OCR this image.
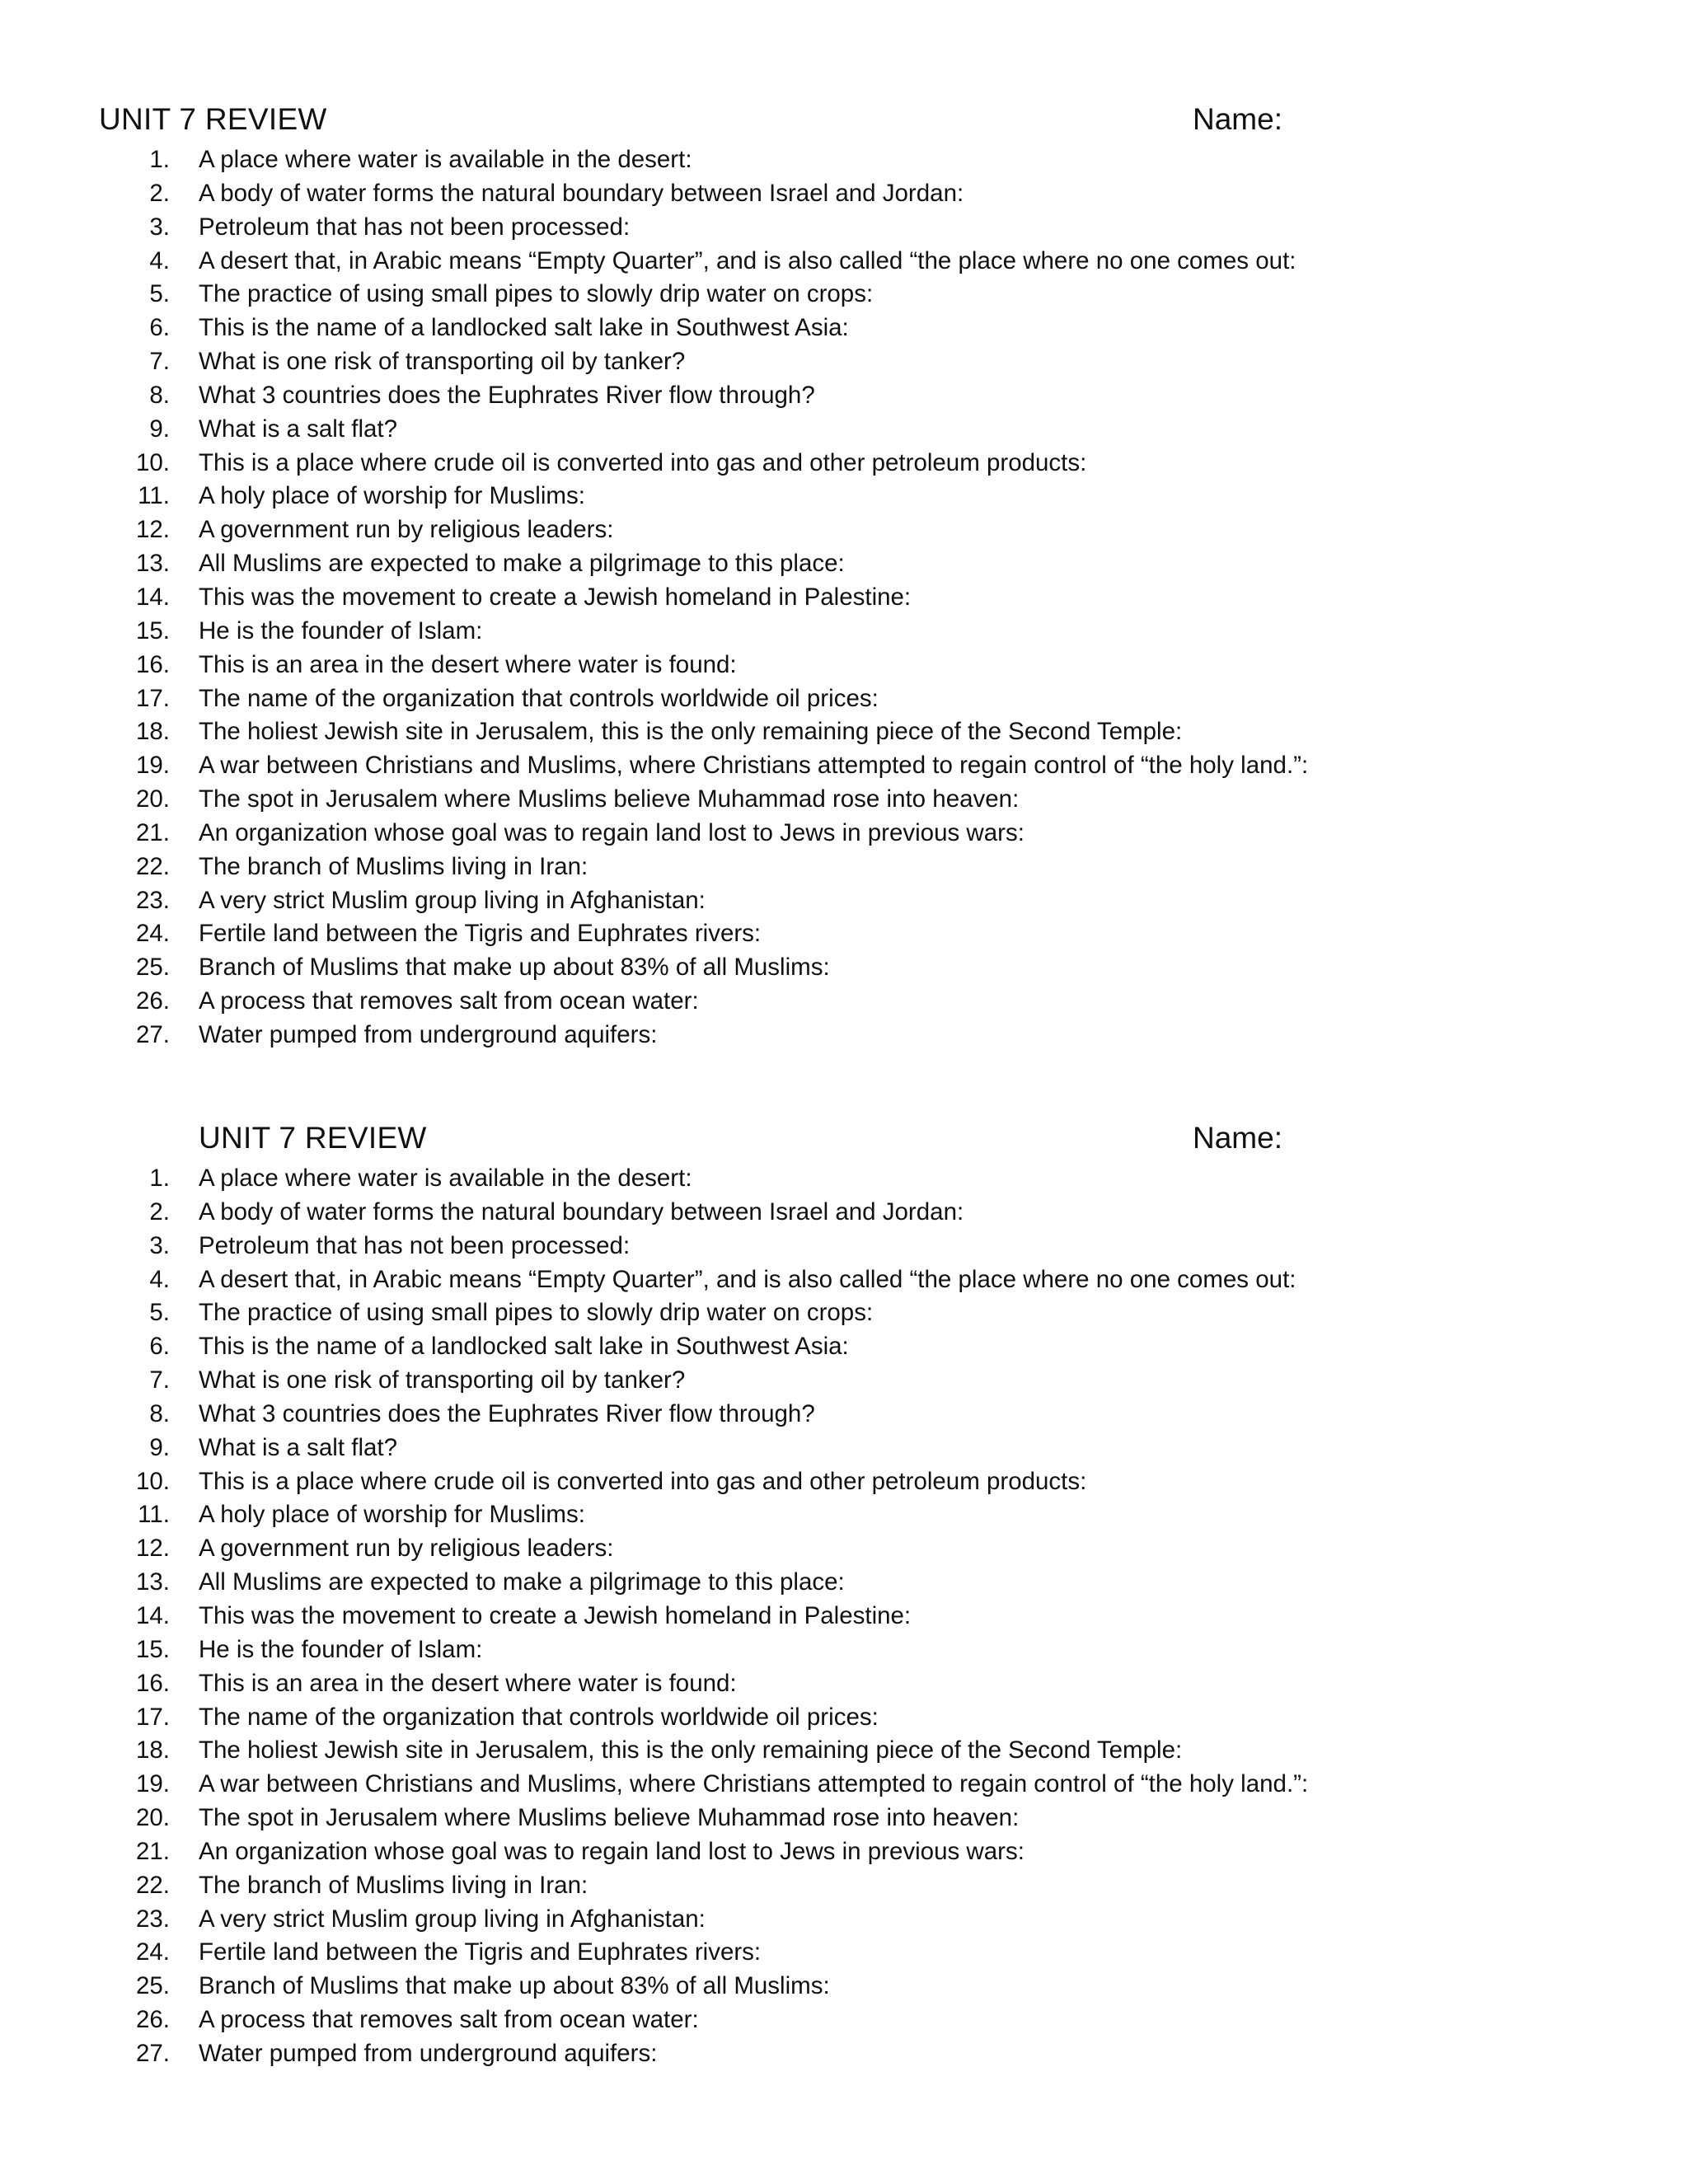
UNIT 7 REVIEW	Name:
1. A place where water is available in the desert:
2. A body of water forms the natural boundary between Israel and Jordan:
3. Petroleum that has not been processed:
4. A desert that, in Arabic means “Empty Quarter”, and is also called “the place where no one comes out:
5. The practice of using small pipes to slowly drip water on crops:
6. This is the name of a landlocked salt lake in Southwest Asia:
7. What is one risk of transporting oil by tanker?
8. What 3 countries does the Euphrates River flow through?
9. What is a salt flat?
10. This is a place where crude oil is converted into gas and other petroleum products:
11. A holy place of worship for Muslims:
12. A government run by religious leaders:
13. All Muslims are expected to make a pilgrimage to this place:
14. This was the movement to create a Jewish homeland in Palestine:
15. He is the founder of Islam:
16. This is an area in the desert where water is found:
17. The name of the organization that controls worldwide oil prices:
18. The holiest Jewish site in Jerusalem, this is the only remaining piece of the Second Temple:
19. A war between Christians and Muslims, where Christians attempted to regain control of “the holy land.”:
20. The spot in Jerusalem where Muslims believe Muhammad rose into heaven:
21. An organization whose goal was to regain land lost to Jews in previous wars:
22. The branch of Muslims living in Iran:
23. A very strict Muslim group living in Afghanistan:
24. Fertile land between the Tigris and Euphrates rivers:
25. Branch of Muslims that make up about 83% of all Muslims:
26. A process that removes salt from ocean water:
27. Water pumped from underground aquifers:
UNIT 7 REVIEW	Name:
1. A place where water is available in the desert:
2. A body of water forms the natural boundary between Israel and Jordan:
3. Petroleum that has not been processed:
4. A desert that, in Arabic means “Empty Quarter”, and is also called “the place where no one comes out:
5. The practice of using small pipes to slowly drip water on crops:
6. This is the name of a landlocked salt lake in Southwest Asia:
7. What is one risk of transporting oil by tanker?
8. What 3 countries does the Euphrates River flow through?
9. What is a salt flat?
10. This is a place where crude oil is converted into gas and other petroleum products:
11. A holy place of worship for Muslims:
12. A government run by religious leaders:
13. All Muslims are expected to make a pilgrimage to this place:
14. This was the movement to create a Jewish homeland in Palestine:
15. He is the founder of Islam:
16. This is an area in the desert where water is found:
17. The name of the organization that controls worldwide oil prices:
18. The holiest Jewish site in Jerusalem, this is the only remaining piece of the Second Temple:
19. A war between Christians and Muslims, where Christians attempted to regain control of “the holy land.”:
20. The spot in Jerusalem where Muslims believe Muhammad rose into heaven:
21. An organization whose goal was to regain land lost to Jews in previous wars:
22. The branch of Muslims living in Iran:
23. A very strict Muslim group living in Afghanistan:
24. Fertile land between the Tigris and Euphrates rivers:
25. Branch of Muslims that make up about 83% of all Muslims:
26. A process that removes salt from ocean water:
27. Water pumped from underground aquifers:
